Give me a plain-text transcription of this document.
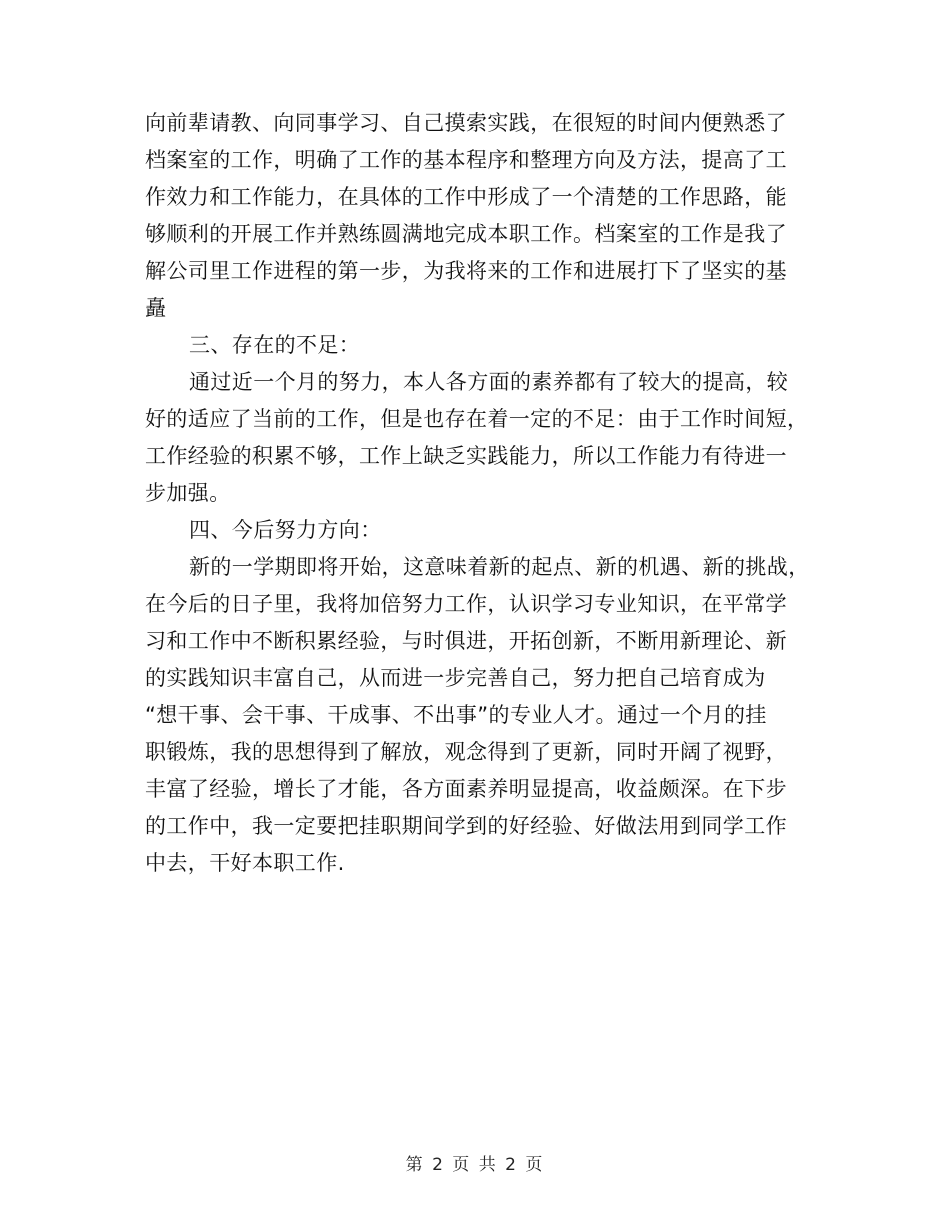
向前辈请教、向同事学习、自己摸索实践，在很短的时间内便熟悉了
档案室的工作，明确了工作的基本程序和整理方向及方法，提高了工
作效力和工作能力，在具体的工作中形成了一个清楚的工作思路，能
够顺利的开展工作并熟练圆满地完成本职工作。档案室的工作是我了
解公司里工作进程的第一步，为我将来的工作和进展打下了坚实的基
矗
三、存在的不足：
通过近一个月的努力，本人各方面的素养都有了较大的提高，较
好的适应了当前的工作，但是也存在着一定的不足：由于工作时间短，
工作经验的积累不够，工作上缺乏实践能力，所以工作能力有待进一
步加强。
四、今后努力方向：
新的一学期即将开始，这意味着新的起点、新的机遇、新的挑战，
在今后的日子里，我将加倍努力工作，认识学习专业知识，在平常学
习和工作中不断积累经验，与时俱进，开拓创新，不断用新理论、新
的实践知识丰富自己，从而进一步完善自己，努力把自己培育成为
“想干事、会干事、干成事、不出事”的专业人才。通过一个月的挂
职锻炼，我的思想得到了解放，观念得到了更新，同时开阔了视野，
丰富了经验，增长了才能，各方面素养明显提高，收益颇深。在下步
的工作中，我一定要把挂职期间学到的好经验、好做法用到同学工作
中去，干好本职工作.
第 2 页 共 2 页
